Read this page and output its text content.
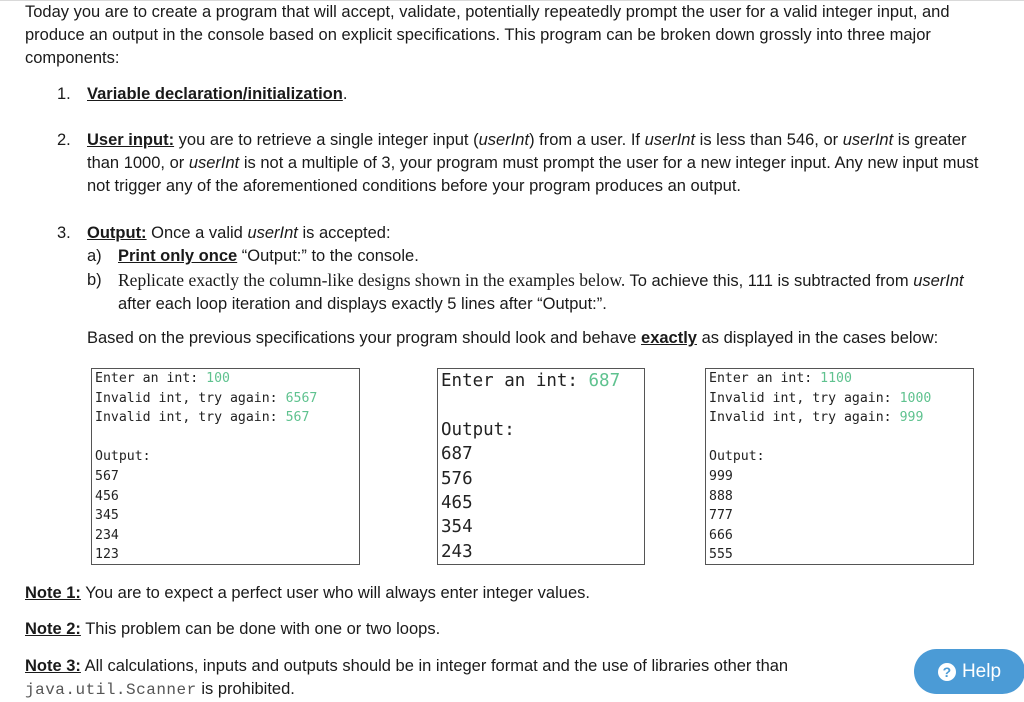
Today you are to create a program that will accept, validate, potentially repeatedly prompt the user for a valid integer input, and produce an output in the console based on explicit specifications. This program can be broken down grossly into three major components:
1. Variable declaration/initialization.
2. User input: you are to retrieve a single integer input (userInt) from a user. If userInt is less than 546, or userInt is greater than 1000, or userInt is not a multiple of 3, your program must prompt the user for a new integer input. Any new input must not trigger any of the aforementioned conditions before your program produces an output.
3. Output: Once a valid userInt is accepted:
a) Print only once “Output:” to the console.
b) Replicate exactly the column-like designs shown in the examples below. To achieve this, 111 is subtracted from userInt after each loop iteration and displays exactly 5 lines after “Output:”.
Based on the previous specifications your program should look and behave exactly as displayed in the cases below:
Enter an int: 100
Invalid int, try again: 6567
Invalid int, try again: 567

Output:
567
456
345
234
123
Enter an int: 687

Output:
687
576
465
354
243
Enter an int: 1100
Invalid int, try again: 1000
Invalid int, try again: 999

Output:
999
888
777
666
555
Note 1: You are to expect a perfect user who will always enter integer values.
Note 2: This problem can be done with one or two loops.
Note 3: All calculations, inputs and outputs should be in integer format and the use of libraries other than
java.util.Scanner is prohibited.
? Help
